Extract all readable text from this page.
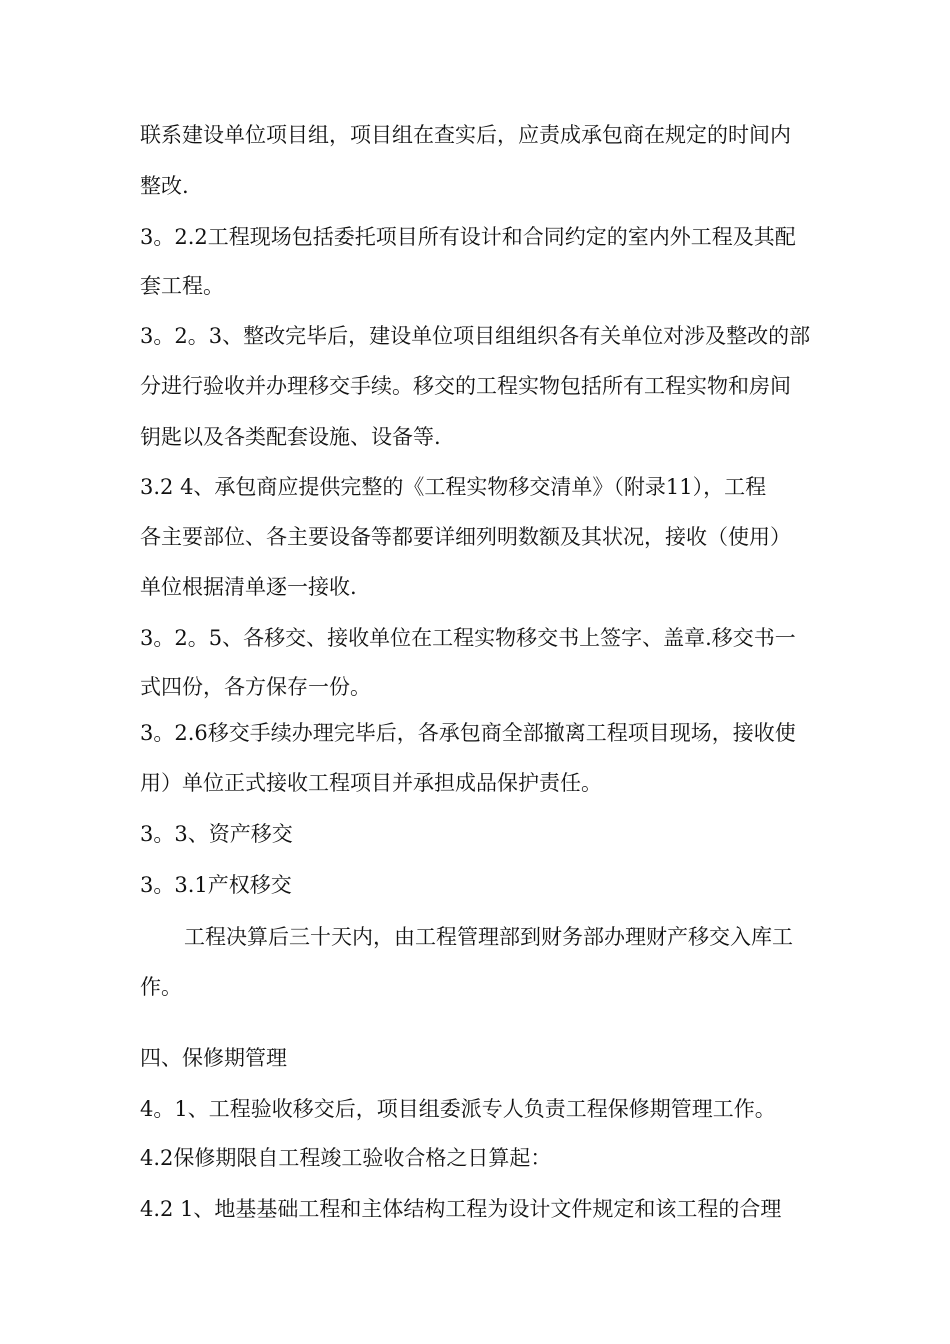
联系建设单位项目组，项目组在查实后，应责成承包商在规定的时间内
整改.
3。2.2工程现场包括委托项目所有设计和合同约定的室内外工程及其配
套工程。
3。2。3、整改完毕后，建设单位项目组组织各有关单位对涉及整改的部
分进行验收并办理移交手续。移交的工程实物包括所有工程实物和房间
钥匙以及各类配套设施、设备等.
3.2 4、承包商应提供完整的《工程实物移交清单》（附录11），工程
各主要部位、各主要设备等都要详细列明数额及其状况，接收（使用）
单位根据清单逐一接收.
3。2。5、各移交、接收单位在工程实物移交书上签字、盖章.移交书一
式四份，各方保存一份。
3。2.6移交手续办理完毕后，各承包商全部撤离工程项目现场，接收使
用）单位正式接收工程项目并承担成品保护责任。
3。3、资产移交
3。3.1产权移交
工程决算后三十天内，由工程管理部到财务部办理财产移交入库工
作。
四、保修期管理
4。1、工程验收移交后，项目组委派专人负责工程保修期管理工作。
4.2保修期限自工程竣工验收合格之日算起：
4.2 1、地基基础工程和主体结构工程为设计文件规定和该工程的合理
